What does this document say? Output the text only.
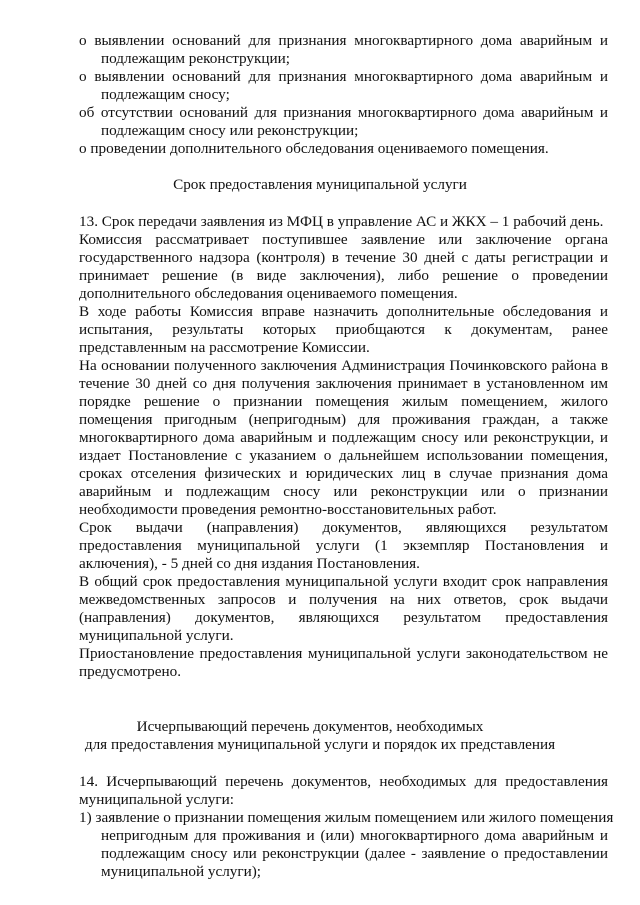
о выявлении оснований для признания многоквартирного дома аварийным и
подлежащим реконструкции;
о выявлении оснований для признания многоквартирного дома аварийным и
подлежащим сносу;
об отсутствии оснований для признания многоквартирного дома аварийным и
подлежащим сносу или реконструкции;
о проведении дополнительного обследования оцениваемого помещения.
Срок предоставления муниципальной услуги
13. Срок передачи заявления из МФЦ в управление АС и ЖКХ – 1 рабочий день.
Комиссия рассматривает поступившее заявление или заключение органа
государственного надзора (контроля) в течение 30 дней с даты регистрации и
принимает решение (в виде заключения), либо решение о проведении
дополнительного обследования оцениваемого помещения.
В ходе работы Комиссия вправе назначить дополнительные обследования и
испытания, результаты которых приобщаются к документам, ранее
представленным на рассмотрение Комиссии.
На основании полученного заключения Администрация Починковского района в
течение 30 дней со дня получения заключения принимает в установленном им
порядке решение о признании помещения жилым помещением, жилого
помещения пригодным (непригодным) для проживания граждан, а также
многоквартирного дома аварийным и подлежащим сносу или реконструкции, и
издает Постановление с указанием о дальнейшем использовании помещения,
сроках отселения физических и юридических лиц в случае признания дома
аварийным и подлежащим сносу или реконструкции или о признании
необходимости проведения ремонтно-восстановительных работ.
Срок выдачи (направления) документов, являющихся результатом
предоставления муниципальной услуги (1 экземпляр Постановления и
аключения), - 5 дней со дня издания Постановления.
В общий срок предоставления муниципальной услуги входит срок направления
межведомственных запросов и получения на них ответов, срок выдачи
(направления) документов, являющихся результатом предоставления
муниципальной услуги.
Приостановление предоставления муниципальной услуги законодательством не
предусмотрено.
Исчерпывающий перечень документов, необходимых
для предоставления муниципальной услуги и порядок их представления
14. Исчерпывающий перечень документов, необходимых для предоставления
муниципальной услуги:
1) заявление о признании помещения жилым помещением или жилого помещения
непригодным для проживания и (или) многоквартирного дома аварийным и
подлежащим сносу или реконструкции (далее - заявление о предоставлении
муниципальной услуги);
